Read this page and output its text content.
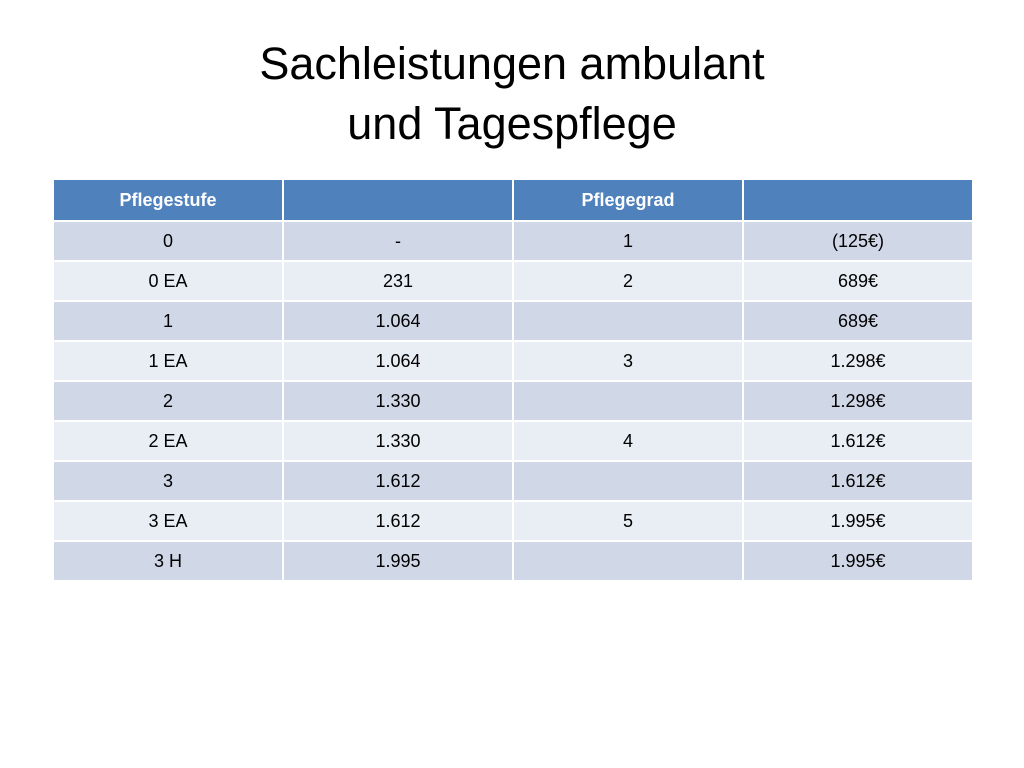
Sachleistungen ambulant
und Tagespflege
Pflegestufe		Pflegegrad	
0	-	1	(125€)
0 EA	231	2	689€
1	1.064		689€
1 EA	1.064	3	1.298€
2	1.330		1.298€
2 EA	1.330	4	1.612€
3	1.612		1.612€
3 EA	1.612	5	1.995€
3 H	1.995		1.995€
